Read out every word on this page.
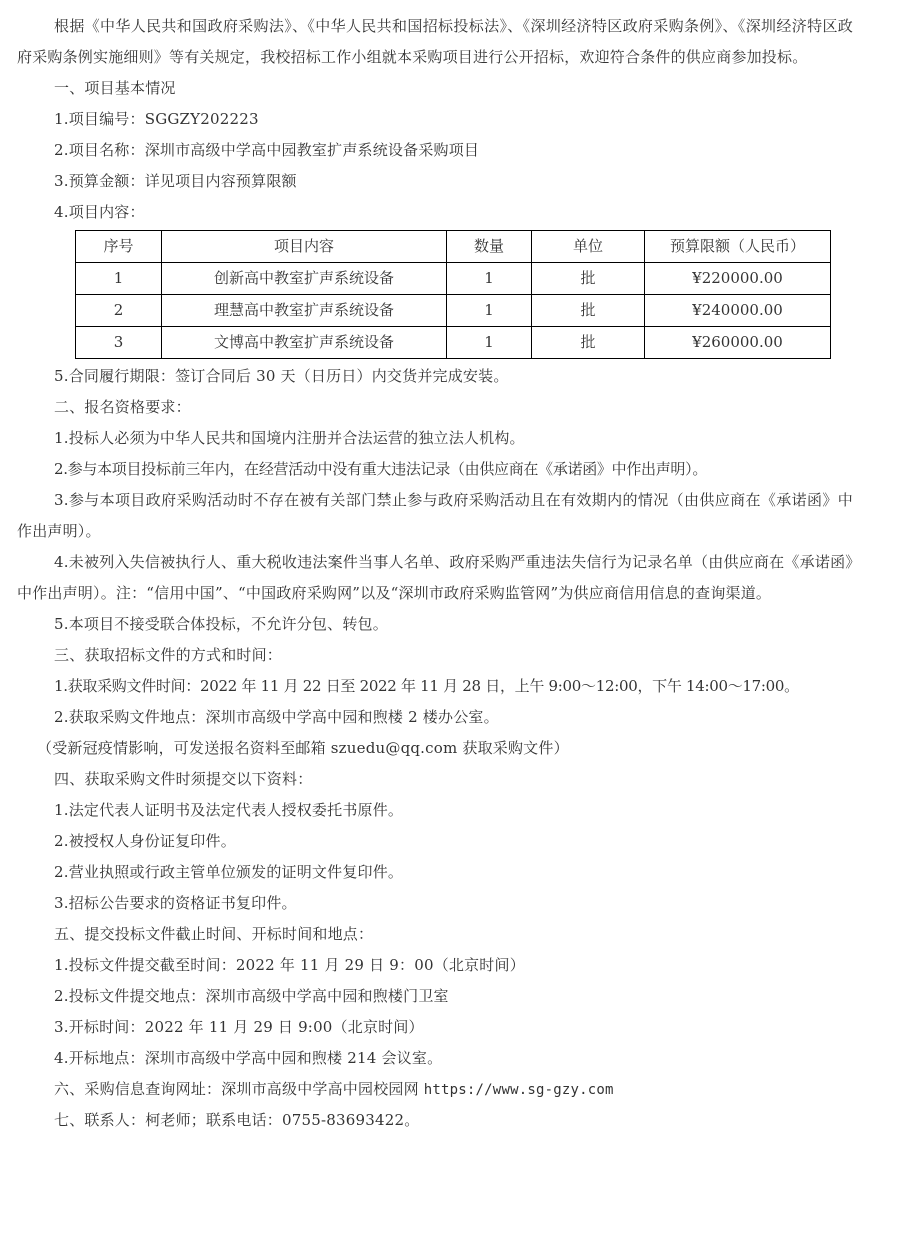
根据《中华人民共和国政府采购法》、《中华人民共和国招标投标法》、《深圳经济特区政府采购条例》、《深圳经济特区政府采购条例实施细则》等有关规定，我校招标工作小组就本采购项目进行公开招标，欢迎符合条件的供应商参加投标。

一、项目基本情况
1.项目编号：SGGZY202223
2.项目名称：深圳市高级中学高中园教室扩声系统设备采购项目
3.预算金额：详见项目内容预算限额
4.项目内容：
序号	项目内容	数量	单位	预算限额（人民币）
1	创新高中教室扩声系统设备	1	批	¥220000.00
2	理慧高中教室扩声系统设备	1	批	¥240000.00
3	文博高中教室扩声系统设备	1	批	¥260000.00
5.合同履行期限：签订合同后 30 天（日历日）内交货并完成安装。
二、报名资格要求：
1.投标人必须为中华人民共和国境内注册并合法运营的独立法人机构。
2.参与本项目投标前三年内，在经营活动中没有重大违法记录（由供应商在《承诺函》中作出声明）。

3.参与本项目政府采购活动时不存在被有关部门禁止参与政府采购活动且在有效期内的情况（由供应商在《承诺函》中作出声明）。

4.未被列入失信被执行人、重大税收违法案件当事人名单、政府采购严重违法失信行为记录名单（由供应商在《承诺函》中作出声明）。注：“信用中国”、“中国政府采购网”以及“深圳市政府采购监管网”为供应商信用信息的查询渠道。

5.本项目不接受联合体投标，不允许分包、转包。
三、获取招标文件的方式和时间：
1.获取采购文件时间：2022 年 11 月 22 日至 2022 年 11 月 28 日，上午 9:00～12:00，下午 14:00～17:00。
2.获取采购文件地点：深圳市高级中学高中园和煦楼 2 楼办公室。
（受新冠疫情影响，可发送报名资料至邮箱 szuedu@qq.com 获取采购文件）
四、获取采购文件时须提交以下资料：
1.法定代表人证明书及法定代表人授权委托书原件。
2.被授权人身份证复印件。
2.营业执照或行政主管单位颁发的证明文件复印件。
3.招标公告要求的资格证书复印件。
五、提交投标文件截止时间、开标时间和地点：
1.投标文件提交截至时间：2022 年 11 月 29 日 9：00（北京时间）
2.投标文件提交地点：深圳市高级中学高中园和煦楼门卫室
3.开标时间：2022 年 11 月 29 日 9:00（北京时间）
4.开标地点：深圳市高级中学高中园和煦楼 214 会议室。
六、采购信息查询网址：深圳市高级中学高中园校园网 https://www.sg-gzy.com
七、联系人：柯老师；联系电话：0755-83693422。
